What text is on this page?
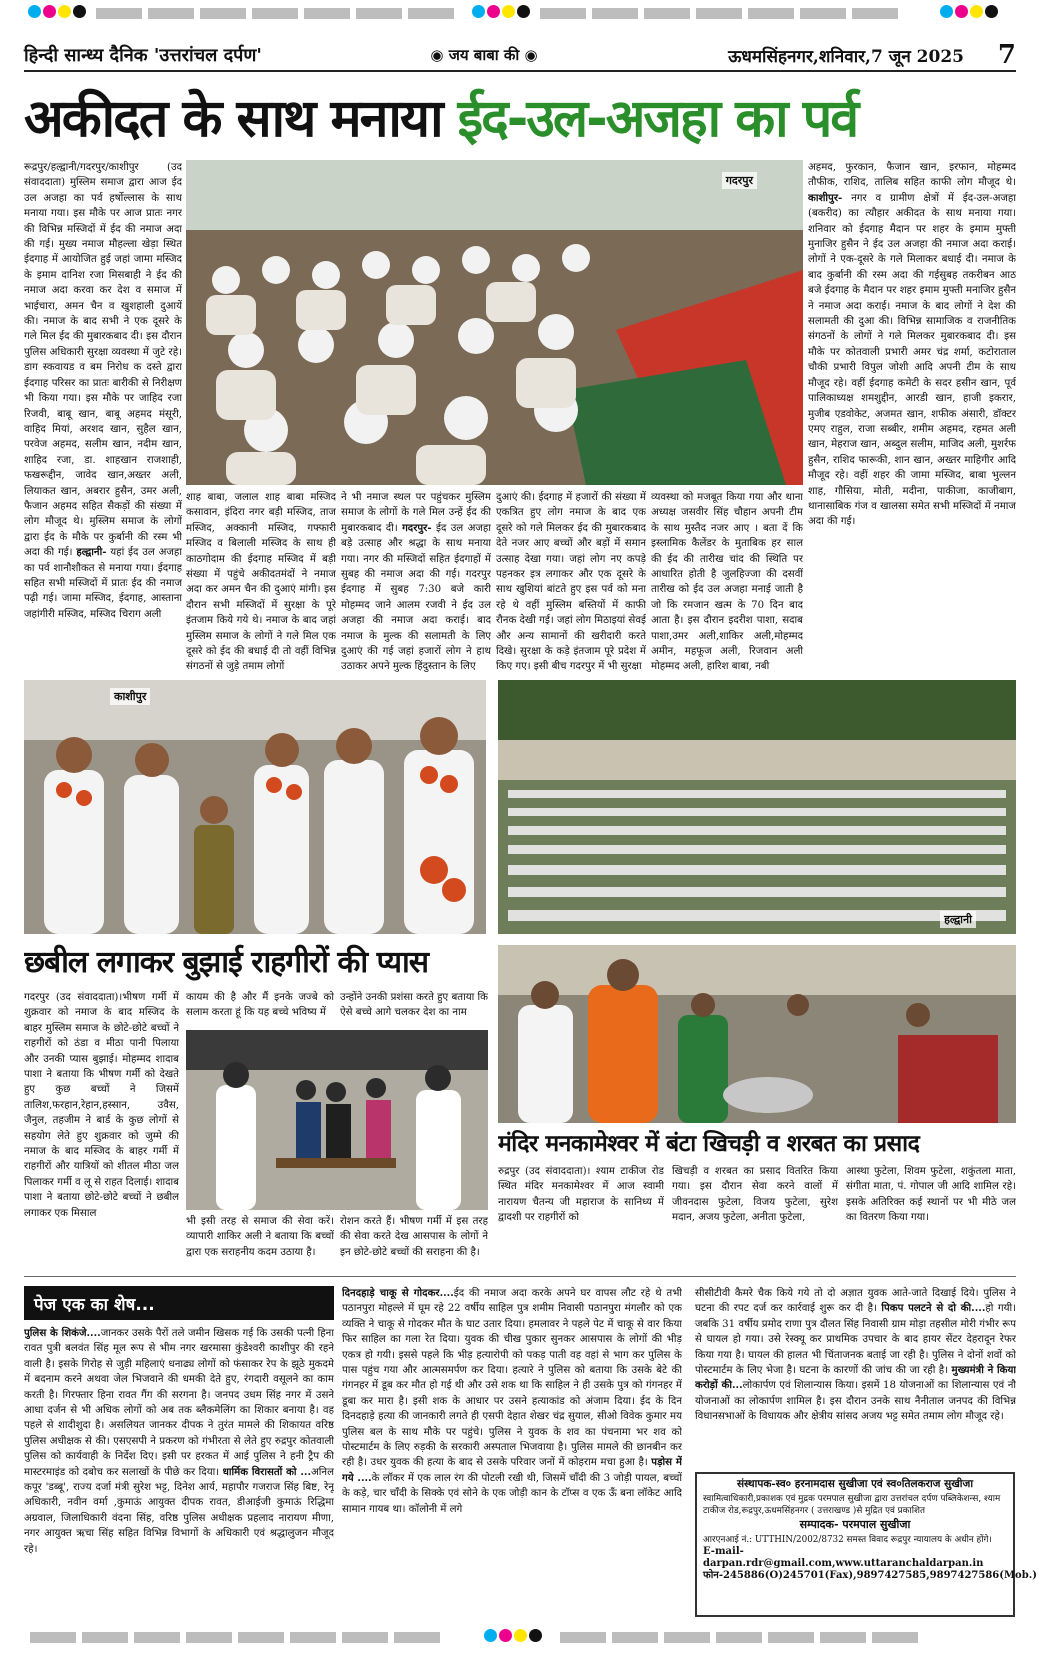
हिन्दी सान्ध्य दैनिक 'उत्तरांचल दर्पण'	◉ जय बाबा की ◉	ऊधमसिंहनगर,शनिवार,7 जून 2025	7
अकीदत के साथ मनाया ईद-उल-अजहा का पर्व
रूद्रपुर/हल्द्वानी/गदरपुर/काशीपुर (उद संवाददाता) मुस्लिम समाज द्वारा आज ईद उल अजहा का पर्व हर्षोल्लास के साथ मनाया गया। इस मौके पर आज प्रातः नगर की विभिन्न मस्जिदों में ईद की नमाज अदा की गई। मुख्य नमाज मौहल्ला खेड़ा स्थित ईदगाह में आयोजित हुई जहां जामा मस्जिद के इमाम दानिश रजा मिसबाही ने ईद की नमाज अदा करवा कर देश व समाज में भाईचारा, अमन चैन व खुशहाली दुआयें की। नमाज के बाद सभी ने एक दूसरे के गले मिल ईद की मुबारकबाद दी। इस दौरान पुलिस अधिकारी सुरक्षा व्यवस्था में जुटे रहे। डाग स्कवायड व बम निरोध क दस्ते द्वारा ईदगाह परिसर का प्रातः बारीकी से निरीक्षण भी किया गया। इस मौके पर जाहिद रजा रिजवी, बाबू खान, बाबू अहमद मंसूरी, वाहिद मियां, अरशद खान, सुहैल खान, परवेज अहमद, सलीम खान, नदीम खान, शाहिद रजा, डा. शाहखान राजशाही, फखरूद्दीन, जावेद खान,अख्तर अली, लियाकत खान, अबरार हुसैन, उमर अली, फैजान अहमद सहित सैकड़ों की संख्या में लोग मौजूद थे। मुस्लिम समाज के लोगों द्वारा ईद के मौके पर कुर्बानी की रस्म भी अदा की गई। हल्द्वानी- यहां ईद उल अजहा का पर्व शानौशौकत से मनाया गया। ईदगाह सहित सभी मस्जिदों में प्रातः ईद की नमाज पढ़ी गई। जामा मस्जिद, ईदगाह, आस्ताना जहांगीरी मस्जिद, मस्जिद चिराग अली
गदरपुर
अहमद, फुरकान, फैजान खान, इरफान, मोहम्मद तौफीक, राशिद, तालिब सहित काफी लोग मौजूद थे। काशीपुर- नगर व ग्रामीण क्षेत्रों में ईद-उल-अजहा (बकरीद) का त्यौहार अकीदत के साथ मनाया गया। शनिवार को ईदगाह मैदान पर शहर के इमाम मुफ्ती मुनाजिर हुसैन ने ईद उल अजहा की नमाज अदा कराई। लोगों ने एक-दूसरे के गले मिलाकर बधाई दी। नमाज के बाद कुर्बानी की रस्म अदा की गईसुबह तकरीबन आठ बजे ईदगाह के मैदान पर शहर इमाम मुफ्ती मनाजिर हुसैन ने नमाज अदा कराई। नमाज के बाद लोगों ने देश की सलामती की दुआ की। विभिन्न सामाजिक व राजनीतिक संगठनों के लोगों ने गले मिलकर मुबारकबाद दी। इस मौके पर कोतवाली प्रभारी अमर चंद्र शर्मा, कटोराताल चौकी प्रभारी विपुल जोशी आदि अपनी टीम के साथ मौजूद रहे। वहीं ईदगाह कमेटी के सदर हसीन खान, पूर्व पालिकाध्यक्ष शमशुद्दीन, आरडी खान, हाजी इकरार, मुजीब एडवोकेट, अजमत खान, शफीक अंसारी, डॉक्टर एमए राहुल, राजा सब्बीर, शमीम अहमद, रहमत अली खान, मेहराज खान, अब्दुल सलीम, माजिद अली, मुशर्रफ हुसैन, राशिद फारूकी, शान खान, अख्तर माहिगीर आदि मौजूद रहे। वहीं शहर की जामा मस्जिद, बाबा भुल्लन शाह, गौसिया, मोती, मदीना, पाकीजा, काजीबाग, थानासाबिक गंज व खालसा समेत सभी मस्जिदों में नमाज अदा की गई।
शाह बाबा, जलाल शाह बाबा मस्जिद कसावान, इंदिरा नगर बड़ी मस्जिद, ताज मस्जिद, अक्कानी मस्जिद, गफ्फारी मस्जिद व बिलाली मस्जिद के साथ ही काठगोदाम की ईदगाह मस्जिद में बड़ी संख्या में पहुंचे अकीदतमंदों ने नमाज अदा कर अमन चैन की दुआएं मांगी। इस दौरान सभी मस्जिदों में सुरक्षा के पूरे इंतजाम किये गये थे। नमाज के बाद जहां मुस्लिम समाज के लोगों ने गले मिल एक दूसरे को ईद की बधाई दी तो वहीं विभिन्न संगठनों से जुड़े तमाम लोगों
ने भी नमाज स्थल पर पहुंचकर मुस्लिम समाज के लोगों के गले मिल उन्हें ईद की मुबारकबाद दी। गदरपुर- ईद उल अजहा बड़े उत्साह और श्रद्धा के साथ मनाया गया। नगर की मस्जिदों सहित ईदगाहों में सुबह की नमाज अदा की गई। गदरपुर ईदगाह में सुबह 7:30 बजे कारी मोहम्मद जाने आलम रजवी ने ईद उल अजहा की नमाज अदा कराई। बाद नमाज के मुल्क की सलामती के लिए दुआएं की गई जहां हजारों लोग ने हाथ उठाकर अपने मुल्क हिंदुस्तान के लिए
दुआएं की। ईदगाह में हजारों की संख्या में एकत्रित हुए लोग नमाज के बाद एक दूसरे को गले मिलकर ईद की मुबारकबाद देते नजर आए बच्चों और बड़ों में समान उत्साह देखा गया। जहां लोग नए कपड़े पहनकर इत्र लगाकर और एक दूसरे के साथ खुशियां बांटते हुए इस पर्व को मना रहे थे वहीं मुस्लिम बस्तियों में काफी रौनक देखी गई। जहां लोग मिठाइयां सेवई और अन्य सामानों की खरीदारी करते दिखे। सुरक्षा के कड़े इंतजाम पूरे प्रदेश में किए गए। इसी बीच गदरपुर में भी सुरक्षा
व्यवस्था को मजबूत किया गया और थाना अध्यक्ष जसवीर सिंह चौहान अपनी टीम के साथ मुस्तैद नजर आए । बता दें कि इस्लामिक कैलेंडर के मुताबिक हर साल की ईद की तारीख चांद की स्थिति पर आधारित होती है जुलहिज्जा की दसवीं तारीख को ईद उल अजहा मनाई जाती है जो कि रमजान खत्म के 70 दिन बाद आता है। इस दौरान इदरीश पाशा, सदाब पाशा,उमर अली,शाकिर अली,मोहम्मद अमीन, महफूज अली, रिजवान अली मोहम्मद अली, हारिश बाबा, नबी
काशीपुर
हल्द्वानी
छबील लगाकर बुझाई राहगीरों की प्यास
गदरपुर (उद संवाददाता)।भीषण गर्मी में शुक्रवार को नमाज के बाद मस्जिद के बाहर मुस्लिम समाज के छोटे-छोटे बच्चों ने राहगीरों को ठंडा व मीठा पानी पिलाया और उनकी प्यास बुझाई। मोहम्मद शादाब पाशा ने बताया कि भीषण गर्मी को देखते हुए कुछ बच्चों ने जिसमें तालिश,फरहान,रेहान,हस्सान, उवैस, जैनुल, तहजीम ने बार्ड के कुछ लोगों से सहयोग लेते हुए शुक्रवार को जुम्मे की नमाज के बाद मस्जिद के बाहर गर्मी में राहगीरों और यात्रियों को शीतल मीठा जल पिलाकर गर्मी व लू से राहत दिलाई। शादाब पाशा ने बताया छोटे-छोटे बच्चों ने छबील लगाकर एक मिसाल
कायम की है और मैं इनके जज्बे को सलाम करता हूं कि यह बच्चे भविष्य में
उन्होंने उनकी प्रशंसा करते हुए बताया कि ऐसे बच्चे आगे चलकर देश का नाम
भी इसी तरह से समाज की सेवा करें। व्यापारी शाकिर अली ने बताया कि बच्चों द्वारा एक सराहनीय कदम उठाया है।
रोशन करते हैं। भीषण गर्मी में इस तरह की सेवा करते देख आसपास के लोगों ने इन छोटे-छोटे बच्चों की सराहना की है।
मंदिर मनकामेश्वर में बंटा खिचड़ी व शरबत का प्रसाद
रुद्रपुर (उद संवाददाता)। श्याम टाकीज रोड स्थित मंदिर मनकामेश्वर में आज स्वामी नारायण चैतन्य जी महाराज के सानिध्य में द्वादशी पर राहगीरों को
खिचड़ी व शरबत का प्रसाद वितरित किया गया। इस दौरान सेवा करने वालों में जीवनदास फुटेला, विजय फुटेला, सुरेश मदान, अजय फुटेला, अनीता फुटेला,
आस्था फुटेला, शिवम फुटेला, शकुंतला माता, संगीता माता, पं. गोपाल जी आदि शामिल रहे। इसके अतिरिक्त कई स्थानों पर भी मीठे जल का वितरण किया गया।
पेज एक का शेष...
पुलिस के शिकंजे....जानकर उसके पैरों तले जमीन खिसक गई कि उसकी पत्नी हिना रावत पुत्री बलवंत सिंह मूल रूप से भीम नगर खरमासा कुंडेश्वरी काशीपुर की रहने वाली है। इसके गिरोह से जुड़ी महिलाएं धनाढ्य लोगों को फंसाकर रेप के झूठे मुकदमे में बदनाम करने अथवा जेल भिजवाने की धमकी देते हुए, रंगदारी वसूलने का काम करती है। गिरफ्तार हिना रावत गैंग की सरगना है। जनपद उधम सिंह नगर में उसने आधा दर्जन से भी अधिक लोगों को अब तक ब्लैकमेलिंग का शिकार बनाया है। वह पहले से शादीशुदा है। असलियत जानकर दीपक ने तुरंत मामले की शिकायत वरिष्ठ पुलिस अधीक्षक से की। एसएसपी ने प्रकरण को गंभीरता से लेते हुए रुद्रपुर कोतवाली पुलिस को कार्यवाही के निर्देश दिए। इसी पर हरकत में आई पुलिस ने हनी ट्रैप की मास्टरमाइंड को दबोच कर सलाखों के पीछे कर दिया। धार्मिक विरासतों को ...अनिल कपूर 'डब्बू', राज्य दर्जा मंत्री सुरेश भट्ट, दिनेश आर्य, महापौर गजराज सिंह बिष्ट, रेनू अधिकारी, नवीन वर्मा ,कुमाऊं आयुक्त दीपक रावत, डीआईजी कुमाऊं रिद्धिमा अग्रवाल, जिलाधिकारी वंदना सिंह, वरिष्ठ पुलिस अधीक्षक प्रहलाद नारायण मीणा, नगर आयुक्त ऋचा सिंह सहित विभिन्न विभागों के अधिकारी एवं श्रद्धालुजन मौजूद रहे।
दिनदहाड़े चाकू से गोदकर....ईद की नमाज अदा करके अपने घर वापस लौट रहे थे तभी पठानपुरा मोहल्ले में घूम रहे 22 वर्षीय साहिल पुत्र शमीम निवासी पठानपुरा मंगलौर को एक व्यक्ति ने चाकू से गोदकर मौत के घाट उतार दिया। हमलावर ने पहले पेट में चाकू से वार किया फिर साहिल का गला रेत दिया। युवक की चीख पुकार सुनकर आसपास के लोगों की भीड़ एकत्र हो गयी। इससे पहले कि भीड़ हत्यारोपी को पकड़ पाती वह वहां से भाग कर पुलिस के पास पहुंच गया और आत्मसमर्पण कर दिया। हत्यारे ने पुलिस को बताया कि उसके बेटे की गंगनहर में डूब कर मौत हो गई थी और उसे शक था कि साहिल ने ही उसके पुत्र को गंगनहर में डूबा कर मारा है। इसी शक के आधार पर उसने हत्याकांड को अंजाम दिया। ईद के दिन दिनदहाड़े हत्या की जानकारी लगते ही एसपी देहात शेखर चंद्र सुयाल, सीओ विवेक कुमार मय पुलिस बल के साथ मौके पर पहुंचे। पुलिस ने युवक के शव का पंचनामा भर शव को पोस्टमार्टम के लिए रुड़की के सरकारी अस्पताल भिजवाया है। पुलिस मामले की छानबीन कर रही है। उधर युवक की हत्या के बाद से उसके परिवार जनों में कोहराम मचा हुआ है। पड़ोस में गये ....के लॉकर में एक लाल रंग की पोटली रखी थी, जिसमें चाँदी की 3 जोड़ी पायल, बच्चों के कड़े, चार चाँदी के सिक्के एवं सोने के एक जोड़ी कान के टॉप्स व एक ऊँ बना लॉकेट आदि सामान गायब था। कॉलोनी में लगे
सीसीटीवी कैमरे चैक किये गये तो दो अज्ञात युवक आते-जाते दिखाई दिये। पुलिस ने घटना की रपट दर्ज कर कार्रवाई शुरू कर दी है। पिकप पलटने से दो की....हो गयी। जबकि 31 वर्षीय प्रमोद राणा पुत्र दौलत सिंह निवासी ग्राम मोड़ा तहसील मोरी गंभीर रूप से घायल हो गया। उसे रेस्क्यू कर प्राथमिक उपचार के बाद हायर सेंटर देहरादून रेफर किया गया है। घायल की हालत भी चिंताजनक बताई जा रही है। पुलिस ने दोनों शवों को पोस्टमार्टम के लिए भेजा है। घटना के कारणों की जांच की जा रही है। मुख्यमंत्री ने किया करोड़ों की...लोकार्पण एवं शिलान्यास किया। इसमें 18 योजनाओं का शिलान्यास एवं नौ योजनाओं का लोकार्पण शामिल है। इस दौरान उनके साथ नैनीताल जनपद की विभिन्न विधानसभाओं के विधायक और क्षेत्रीय सांसद अजय भट्ट समेत तमाम लोग मौजूद रहे।
संस्थापक-स्व० हरनामदास सुखीजा एवं स्व०तिलकराज सुखीजा
स्वामित्वाधिकारी,प्रकाशक एवं मुद्रक परमपाल सुखीजा द्वारा उत्तरांचल दर्पण पब्लिकेशन्स, श्याम टाकीज रोड,रूद्रपुर,ऊधमसिंहनगर ( उत्तराखण्ड )से मुद्रित एवं प्रकाशित
सम्पादक- परमपाल सुखीजा
आरएनआई नं.: UTTHIN/2002/8732 समस्त विवाद रूद्रपुर न्यायालय के अधीन होंगे।
E-mail-darpan.rdr@gmail.com,www.uttaranchaldarpan.in
फोन-245886(O)245701(Fax),9897427585,9897427586(Mob.)
